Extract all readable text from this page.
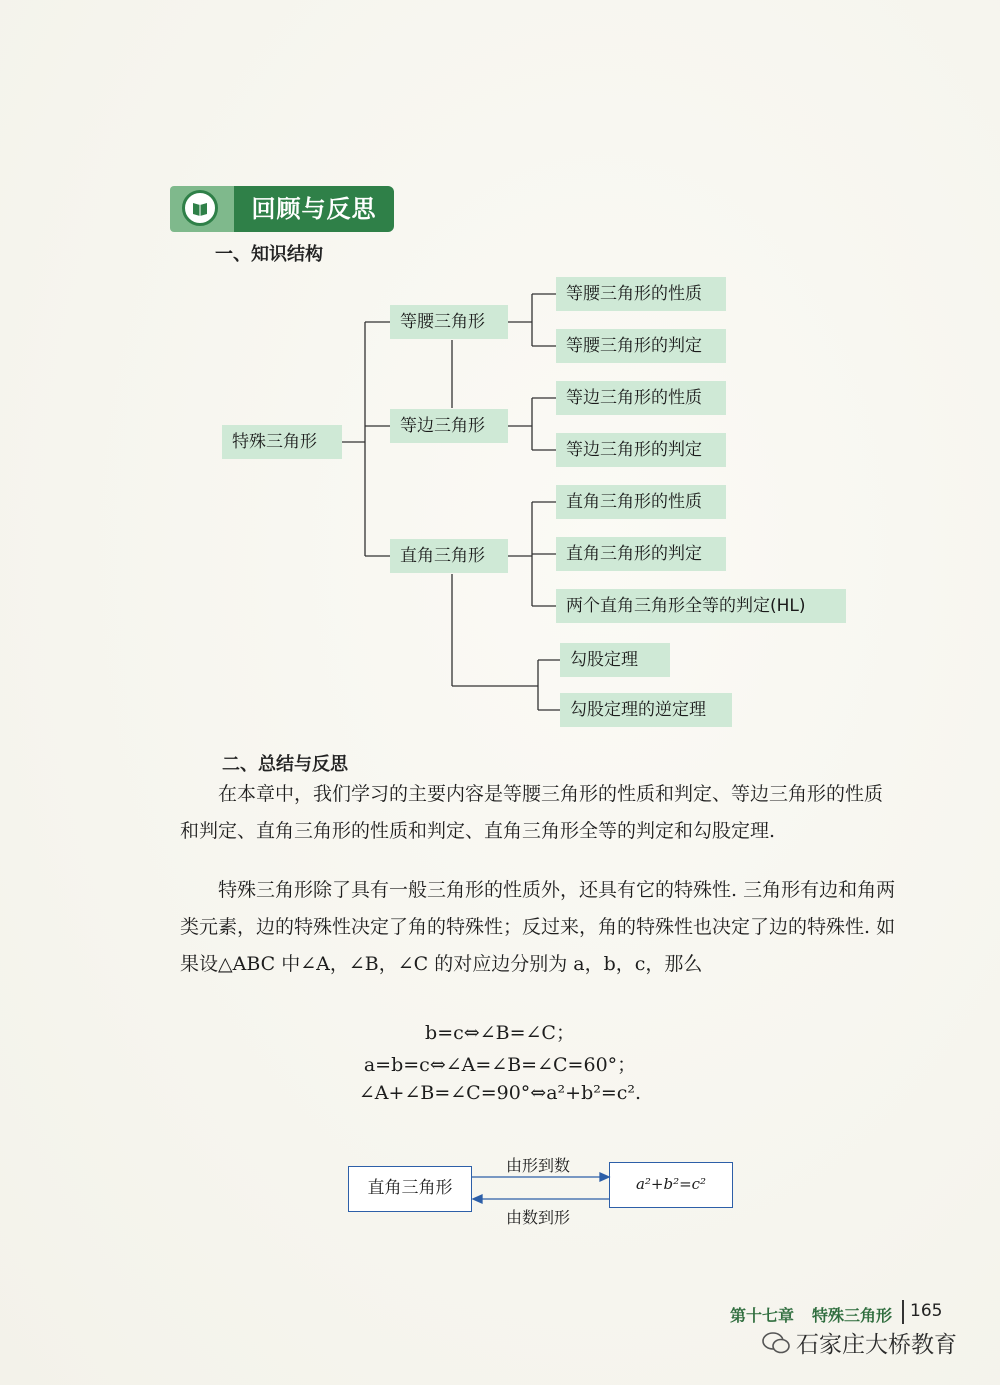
回顾与反思
一、知识结构
特殊三角形
等腰三角形
等边三角形
直角三角形
等腰三角形的性质
等腰三角形的判定
等边三角形的性质
等边三角形的判定
直角三角形的性质
直角三角形的判定
两个直角三角形全等的判定(HL)
勾股定理
勾股定理的逆定理
二、总结与反思
在本章中，我们学习的主要内容是等腰三角形的性质和判定、等边三角形的性质和判定、直角三角形的性质和判定、直角三角形全等的判定和勾股定理.
特殊三角形除了具有一般三角形的性质外，还具有它的特殊性. 三角形有边和角两类元素，边的特殊性决定了角的特殊性；反过来，角的特殊性也决定了边的特殊性. 如果设△ABC 中∠A，∠B，∠C 的对应边分别为 a，b，c，那么
b=c⇔∠B=∠C；
a=b=c⇔∠A=∠B=∠C=60°；
∠A+∠B=∠C=90°⇔a²+b²=c².
直角三角形	a²+b²=c²
由形到数
由数到形
第十七章 特殊三角形 165
石家庄大桥教育
